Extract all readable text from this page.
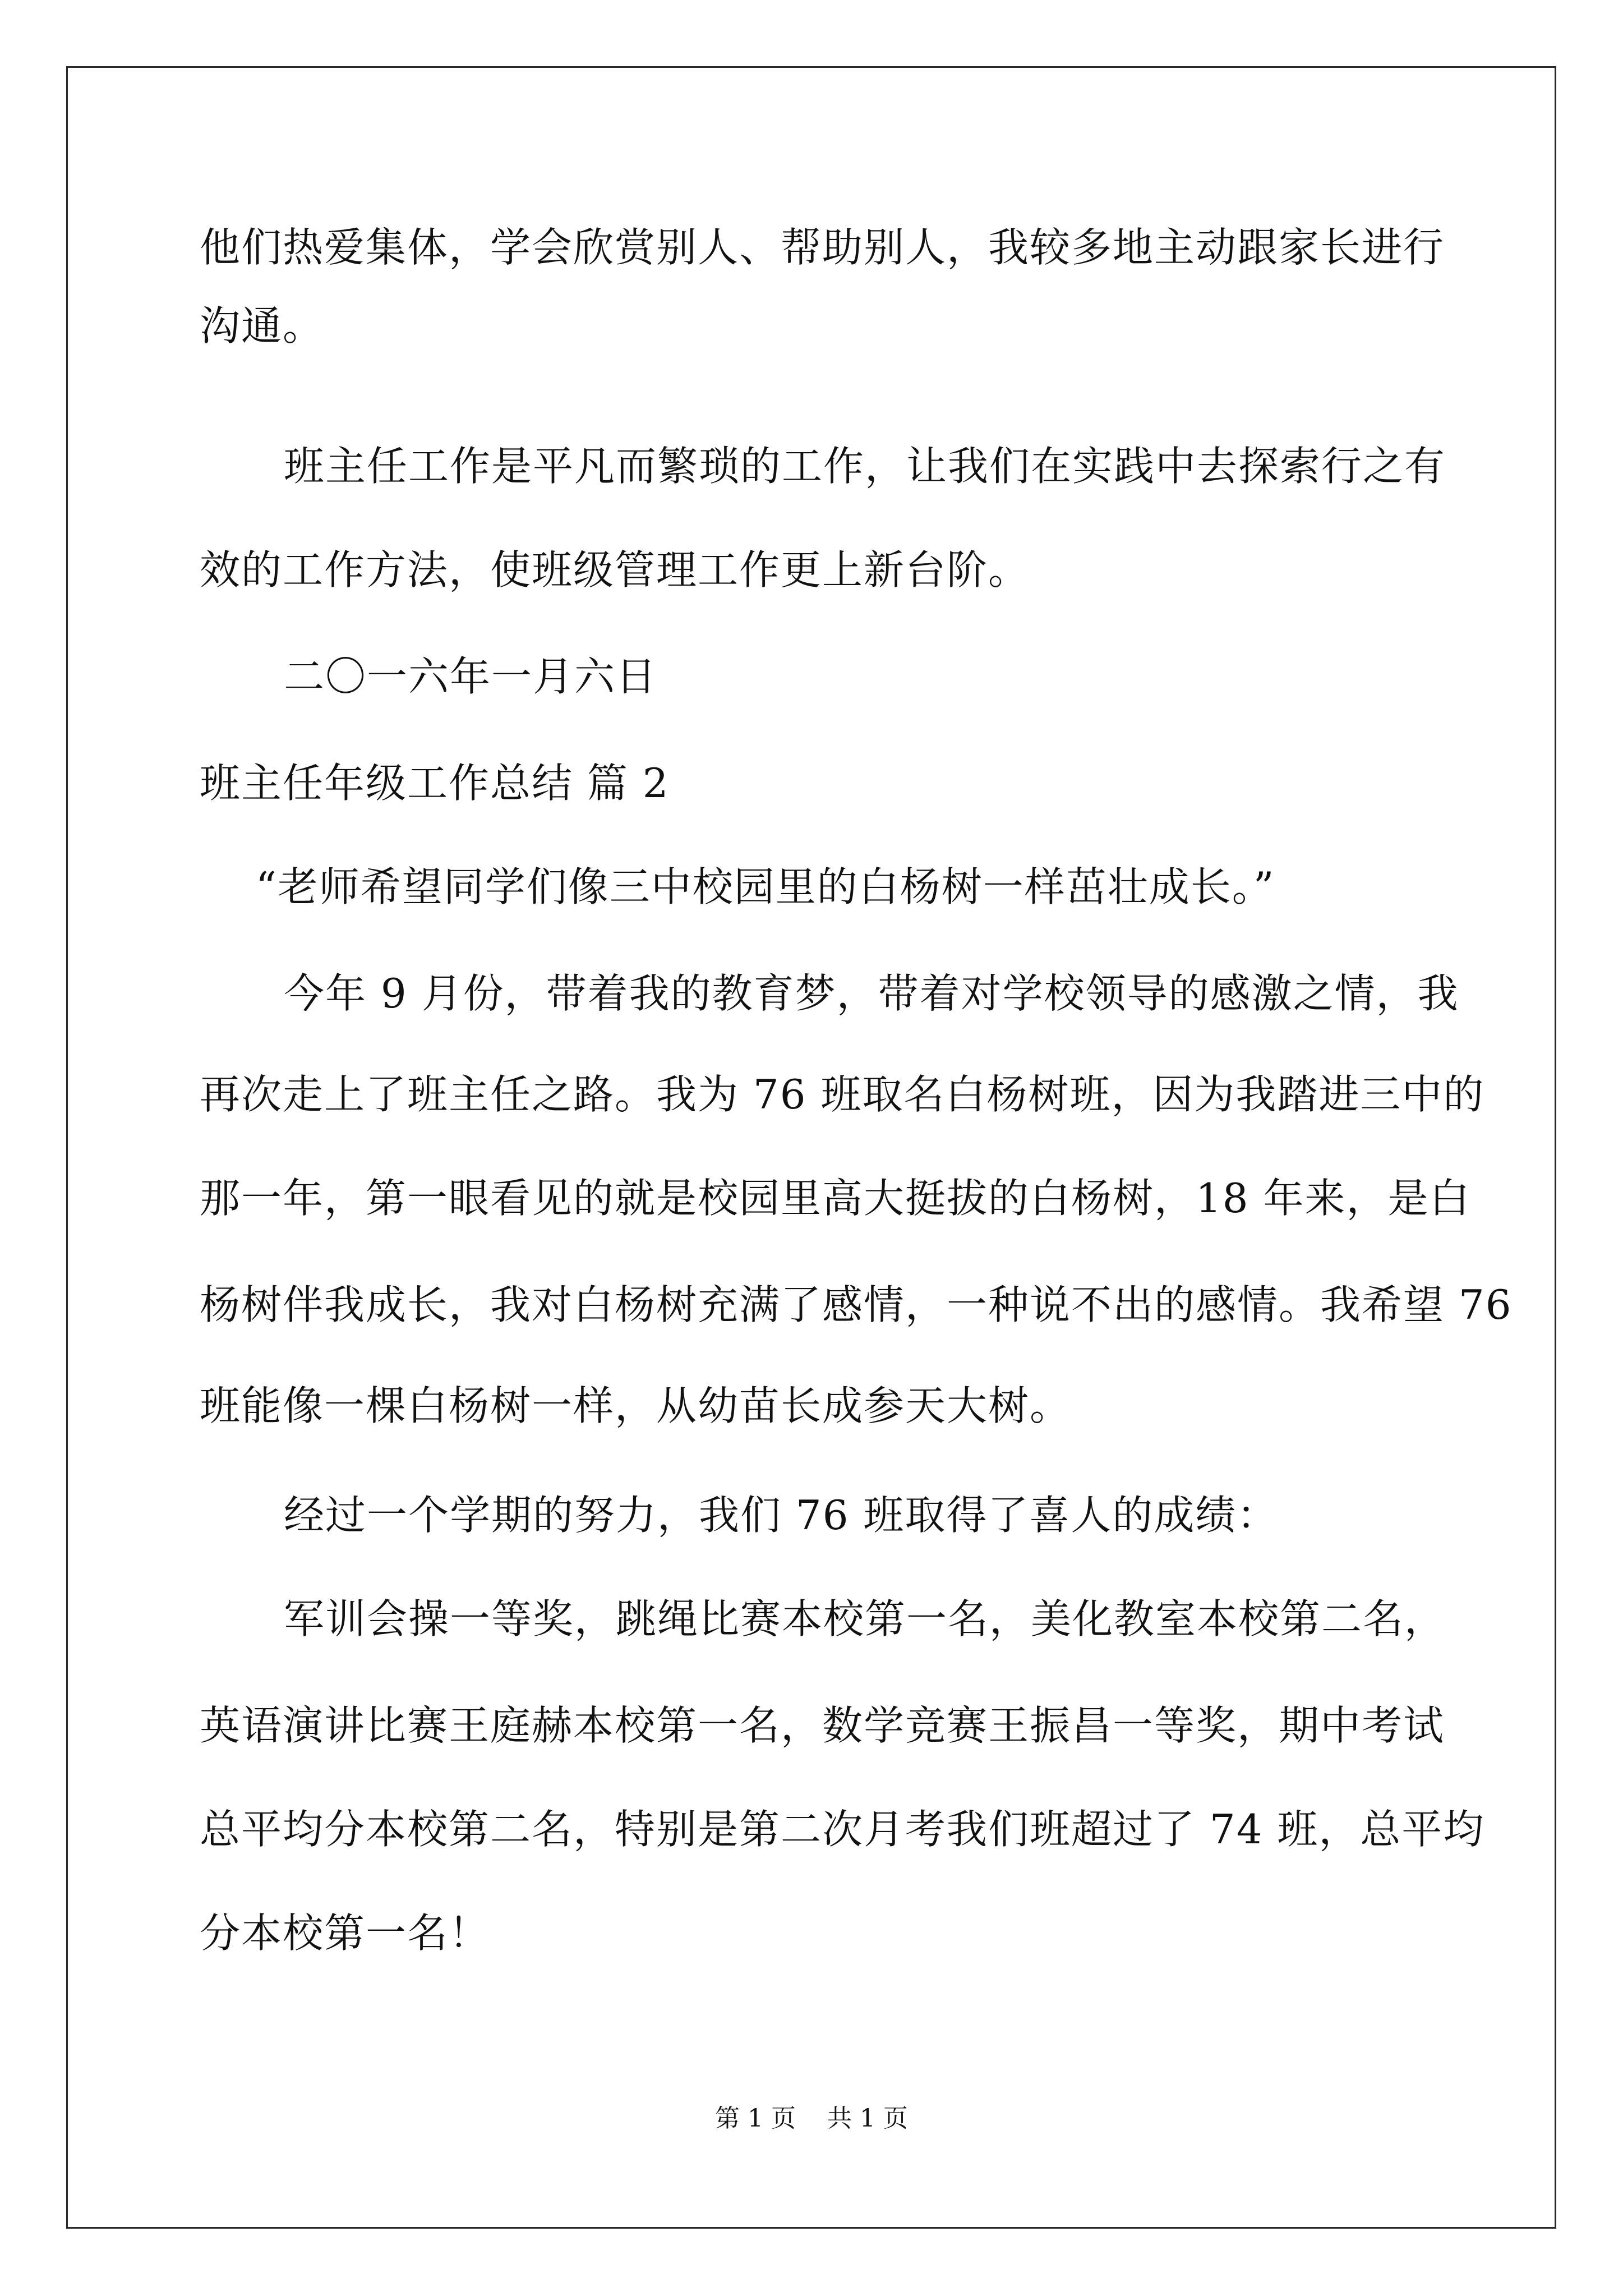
他们热爱集体，学会欣赏别人、帮助别人，我较多地主动跟家长进行
沟通。
班主任工作是平凡而繁琐的工作，让我们在实践中去探索行之有
效的工作方法，使班级管理工作更上新台阶。
二〇一六年一月六日
班主任年级工作总结 篇 2
“老师希望同学们像三中校园里的白杨树一样茁壮成长。”
今年 9 月份，带着我的教育梦，带着对学校领导的感激之情，我
再次走上了班主任之路。我为 76 班取名白杨树班，因为我踏进三中的
那一年，第一眼看见的就是校园里高大挺拔的白杨树，18 年来，是白
杨树伴我成长，我对白杨树充满了感情，一种说不出的感情。我希望 76
班能像一棵白杨树一样，从幼苗长成参天大树。
经过一个学期的努力，我们 76 班取得了喜人的成绩：
军训会操一等奖，跳绳比赛本校第一名，美化教室本校第二名，
英语演讲比赛王庭赫本校第一名，数学竞赛王振昌一等奖，期中考试
总平均分本校第二名，特别是第二次月考我们班超过了 74 班，总平均
分本校第一名！
第 1 页    共 1 页
